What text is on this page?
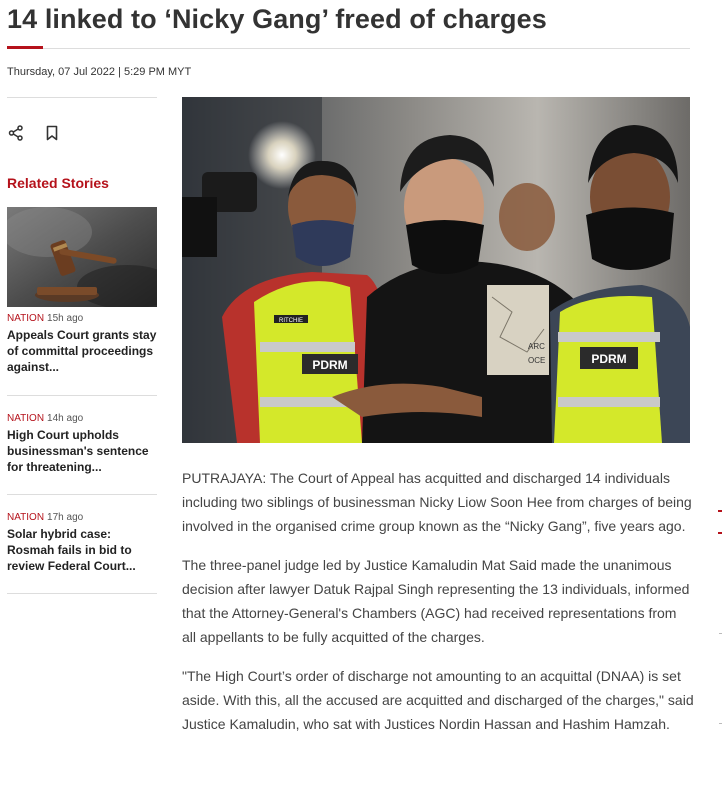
14 linked to ‘Nicky Gang’ freed of charges
Thursday, 07 Jul 2022 | 5:29 PM MYT
Related Stories
NATION 15h ago
Appeals Court grants stay of committal proceedings against...
NATION 14h ago
High Court upholds businessman's sentence for threatening...
NATION 17h ago
Solar hybrid case: Rosmah fails in bid to review Federal Court...
PDRM
RITCHIE
ARC
OCE	PDRM

PUTRAJAYA: The Court of Appeal has acquitted and discharged 14 individuals including two siblings of businessman Nicky Liow Soon Hee from charges of being involved in the organised crime group known as the “Nicky Gang”, five years ago.

The three-panel judge led by Justice Kamaludin Mat Said made the unanimous decision after lawyer Datuk Rajpal Singh representing the 13 individuals, informed that the Attorney-General's Chambers (AGC) had received representations from all appellants to be fully acquitted of the charges.

"The High Court’s order of discharge not amounting to an acquittal (DNAA) is set aside. With this, all the accused are acquitted and discharged of the charges," said Justice Kamaludin, who sat with Justices Nordin Hassan and Hashim Hamzah.
